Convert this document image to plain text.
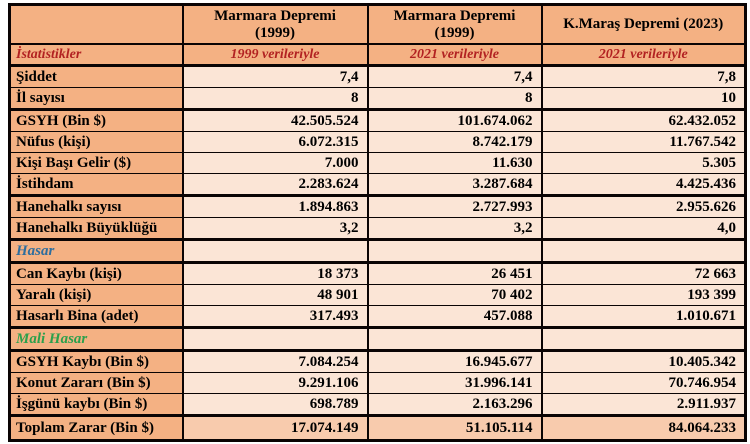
	Marmara Depremi (1999)	Marmara Depremi (1999)	K.Maraş Depremi (2023)

İstatistikler	1999 verileriyle	2021 verileriyle	2021 verileriyle
Şiddet	7,4	7,4	7,8
İl sayısı	8	8	10
GSYH (Bin $)	42.505.524	101.674.062	62.432.052
Nüfus (kişi)	6.072.315	8.742.179	11.767.542
Kişi Başı Gelir ($)	7.000	11.630	5.305
İstihdam	2.283.624	3.287.684	4.425.436
Hanehalkı sayısı	1.894.863	2.727.993	2.955.626
Hanehalkı Büyüklüğü	3,2	3,2	4,0
Hasar			
Can Kaybı (kişi)	18 373	26 451	72 663
Yaralı (kişi)	48 901	70 402	193 399
Hasarlı Bina (adet)	317.493	457.088	1.010.671
Mali Hasar			
GSYH Kaybı (Bin $)	7.084.254	16.945.677	10.405.342
Konut Zararı (Bin $)	9.291.106	31.996.141	70.746.954
İşgünü kaybı (Bin $)	698.789	2.163.296	2.911.937
Toplam Zarar (Bin $)	17.074.149	51.105.114	84.064.233
